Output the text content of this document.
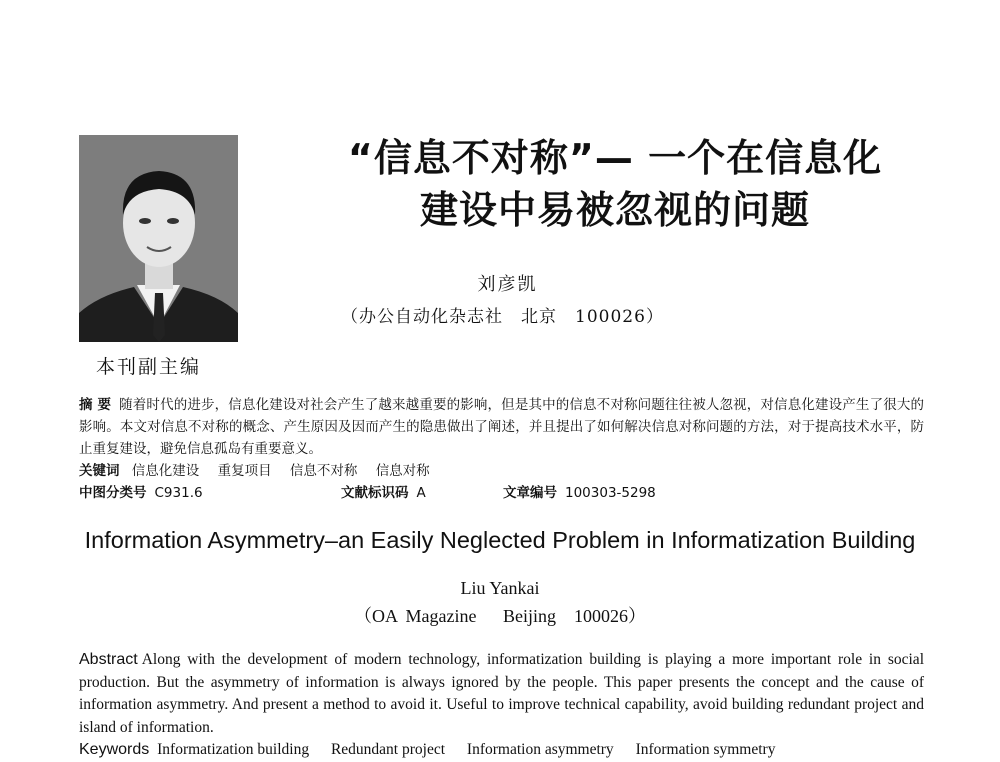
本刊副主编
“信息不对称”— 一个在信息化
建设中易被忽视的问题
刘彦凯
（办公自动化杂志社　北京　100026）

摘 要 随着时代的进步，信息化建设对社会产生了越来越重要的影响，但是其中的信息不对称问题往往被人忽视，对信息化建设产生了很大的影响。本文对信息不对称的概念、产生原因及因而产生的隐患做出了阐述，并且提出了如何解决信息对称问题的方法，对于提高技术水平，防止重复建设，避免信息孤岛有重要意义。

关键词 信息化建设 重复项目 信息不对称 信息对称
中图分类号 C931.6	文献标识码 A	文章编号 100303-5298
Information Asymmetry–an Easily Neglected Problem in Informatization Building
Liu Yankai
（OA Magazine　 Beijing　100026）

Abstract Along with the development of modern technology, informatization building is playing a more important role in social production. But the asymmetry of information is always ignored by the people. This paper presents the concept and the cause of information asymmetry. And present a method to avoid it. Useful to improve technical capability, avoid building redundant project and island of information.

Keywords Informatization building Redundant project Information asymmetry Information symmetry
